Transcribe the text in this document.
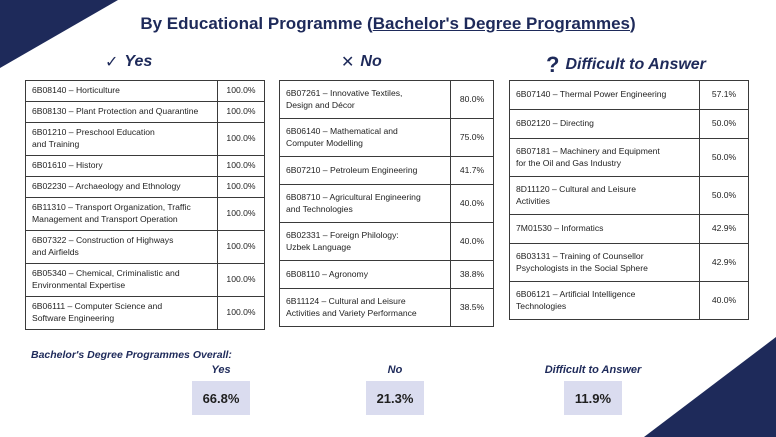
By Educational Programme (Bachelor's Degree Programmes)
✓ Yes	✕ No	? Difficult to Answer
6B08140 – Horticulture	100.0%
6B08130 – Plant Protection and Quarantine	100.0%
6B01210 – Preschool Education
and Training	100.0%
6B01610 – History	100.0%
6B02230 – Archaeology and Ethnology	100.0%
6B11310 – Transport Organization, Traffic
Management and Transport Operation	100.0%
6B07322 – Construction of Highways
and Airfields	100.0%
6B05340 – Chemical, Criminalistic and
Environmental Expertise	100.0%
6B06111 – Computer Science and
Software Engineering	100.0%
6B07261 – Innovative Textiles,
Design and Décor	80.0%
6B06140 – Mathematical and
Computer Modelling	75.0%
6B07210 – Petroleum Engineering	41.7%
6B08710 – Agricultural Engineering
and Technologies	40.0%
6B02331 – Foreign Philology:
Uzbek Language	40.0%
6B08110 – Agronomy	38.8%
6B11124 – Cultural and Leisure
Activities and Variety Performance	38.5%
6B07140 – Thermal Power Engineering	57.1%
6B02120 – Directing	50.0%
6B07181 – Machinery and Equipment
for the Oil and Gas Industry	50.0%
8D11120 – Cultural and Leisure
Activities	50.0%
7M01530 – Informatics	42.9%
6B03131 – Training of Counsellor
Psychologists in the Social Sphere	42.9%
6B06121 – Artificial Intelligence
Technologies	40.0%
Bachelor's Degree Programmes Overall:
Yes	No	Difficult to Answer
66.8%	21.3%	11.9%
